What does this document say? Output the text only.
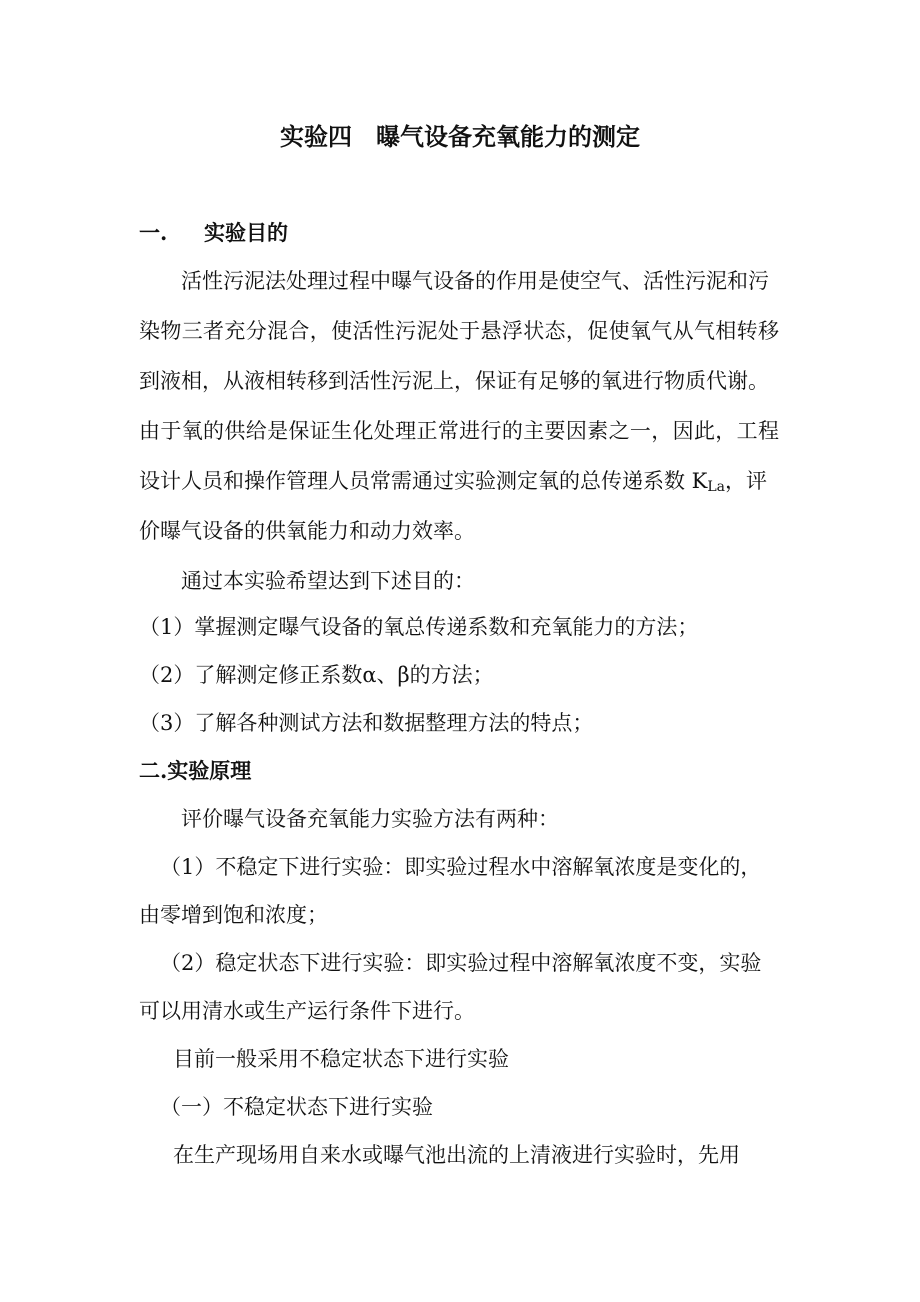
实验四　曝气设备充氧能力的测定
一. 实验目的
活性污泥法处理过程中曝气设备的作用是使空气、活性污泥和污
染物三者充分混合，使活性污泥处于悬浮状态，促使氧气从气相转移
到液相，从液相转移到活性污泥上，保证有足够的氧进行物质代谢。
由于氧的供给是保证生化处理正常进行的主要因素之一，因此，工程
设计人员和操作管理人员常需通过实验测定氧的总传递系数 $K_{La}$，评
价曝气设备的供氧能力和动力效率。
通过本实验希望达到下述目的：
（1）掌握测定曝气设备的氧总传递系数和充氧能力的方法；
（2）了解测定修正系数α、β的方法；
（3）了解各种测试方法和数据整理方法的特点；
二.实验原理
评价曝气设备充氧能力实验方法有两种：
（1）不稳定下进行实验：即实验过程水中溶解氧浓度是变化的，
由零增到饱和浓度；
（2）稳定状态下进行实验：即实验过程中溶解氧浓度不变，实验
可以用清水或生产运行条件下进行。
目前一般采用不稳定状态下进行实验
（一）不稳定状态下进行实验
在生产现场用自来水或曝气池出流的上清液进行实验时，先用
